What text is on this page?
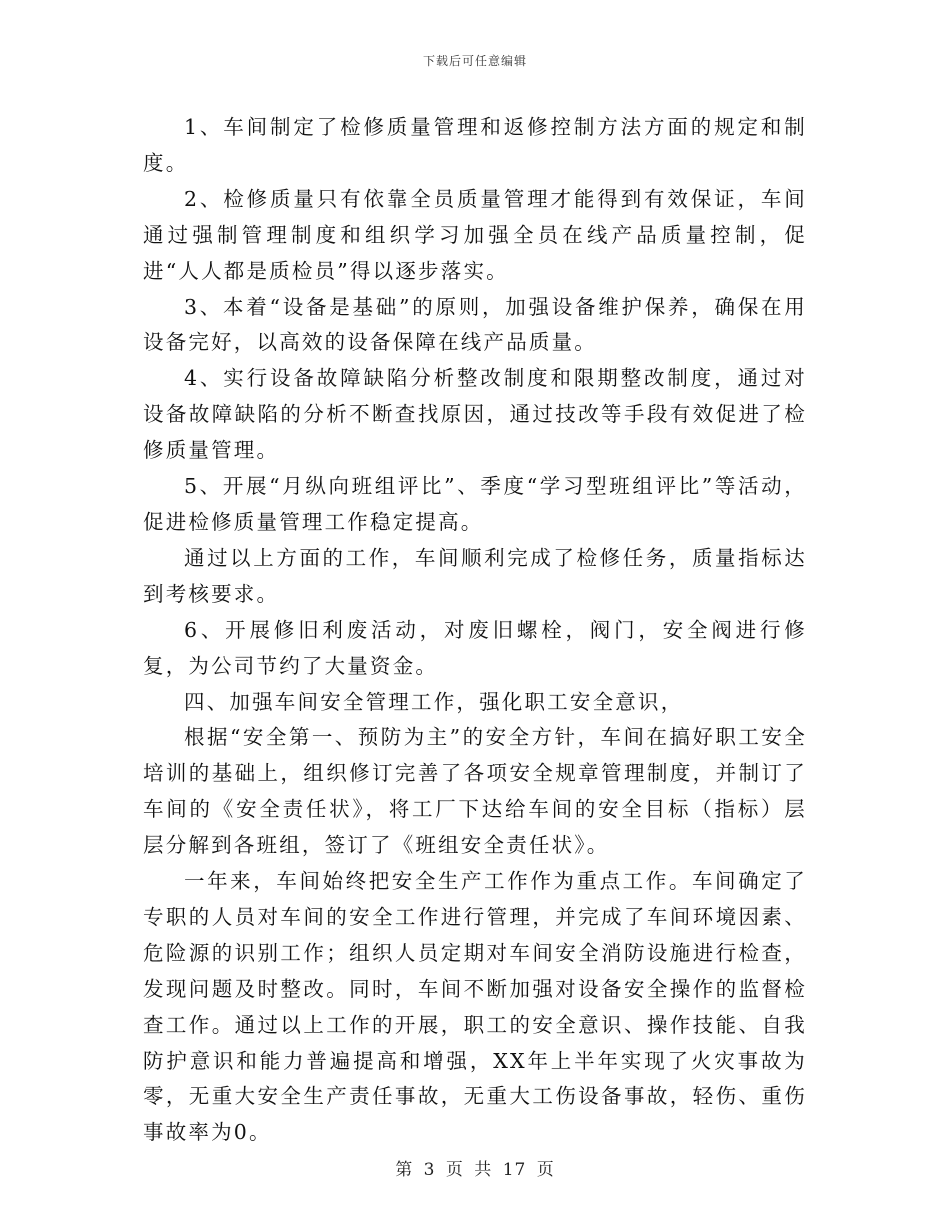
下载后可任意编辑

1、车间制定了检修质量管理和返修控制方法方面的规定和制度。

2、检修质量只有依靠全员质量管理才能得到有效保证，车间通过强制管理制度和组织学习加强全员在线产品质量控制，促进“人人都是质检员”得以逐步落实。

3、本着“设备是基础”的原则，加强设备维护保养，确保在用设备完好，以高效的设备保障在线产品质量。

4、实行设备故障缺陷分析整改制度和限期整改制度，通过对设备故障缺陷的分析不断查找原因，通过技改等手段有效促进了检修质量管理。

5、开展“月纵向班组评比”、季度“学习型班组评比”等活动，促进检修质量管理工作稳定提高。

通过以上方面的工作，车间顺利完成了检修任务，质量指标达到考核要求。

6、开展修旧利废活动，对废旧螺栓，阀门，安全阀进行修复，为公司节约了大量资金。

四、加强车间安全管理工作，强化职工安全意识，

根据“安全第一、预防为主”的安全方针，车间在搞好职工安全培训的基础上，组织修订完善了各项安全规章管理制度，并制订了车间的《安全责任状》，将工厂下达给车间的安全目标（指标）层层分解到各班组，签订了《班组安全责任状》。

一年来，车间始终把安全生产工作作为重点工作。车间确定了专职的人员对车间的安全工作进行管理，并完成了车间环境因素、危险源的识别工作；组织人员定期对车间安全消防设施进行检查，发现问题及时整改。同时，车间不断加强对设备安全操作的监督检查工作。通过以上工作的开展，职工的安全意识、操作技能、自我防护意识和能力普遍提高和增强，XX年上半年实现了火灾事故为零，无重大安全生产责任事故，无重大工伤设备事故，轻伤、重伤事故率为0。

第 3 页 共 17 页
